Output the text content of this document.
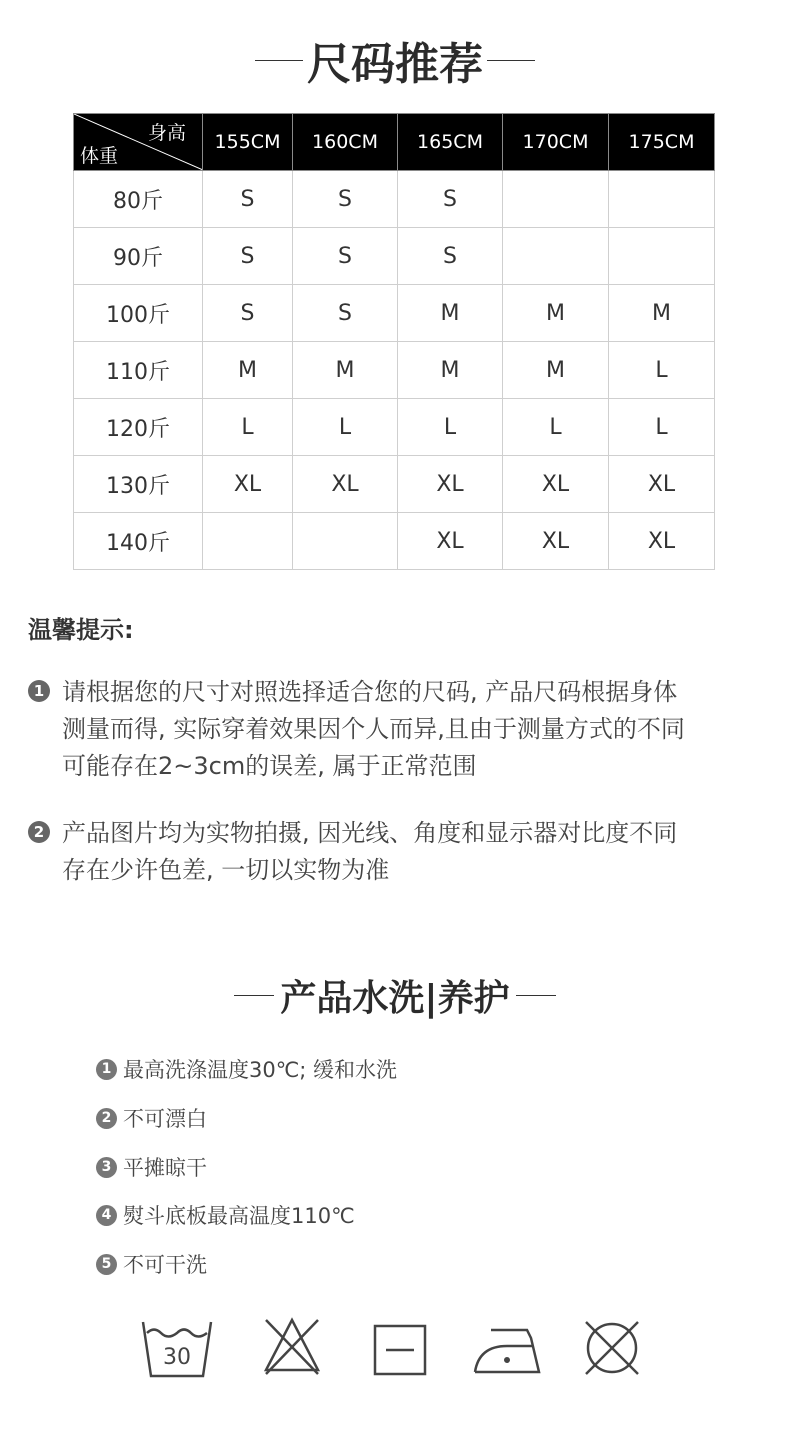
尺码推荐
身高
体重	155CM	160CM	165CM	170CM	175CM
80斤	S	S	S		
90斤	S	S	S		
100斤	S	S	M	M	M
110斤	M	M	M	M	L
120斤	L	L	L	L	L
130斤	XL	XL	XL	XL	XL
140斤			XL	XL	XL
温馨提示:
1 请根据您的尺寸对照选择适合您的尺码, 产品尺码根据身体
测量而得, 实际穿着效果因个人而异,且由于测量方式的不同
可能存在2~3cm的误差, 属于正常范围
2 产品图片均为实物拍摄, 因光线、角度和显示器对比度不同
存在少许色差, 一切以实物为准
产品水洗|养护
1 最高洗涤温度30℃; 缓和水洗
2 不可漂白
3 平摊晾干
4 熨斗底板最高温度110℃
5 不可干洗
30
